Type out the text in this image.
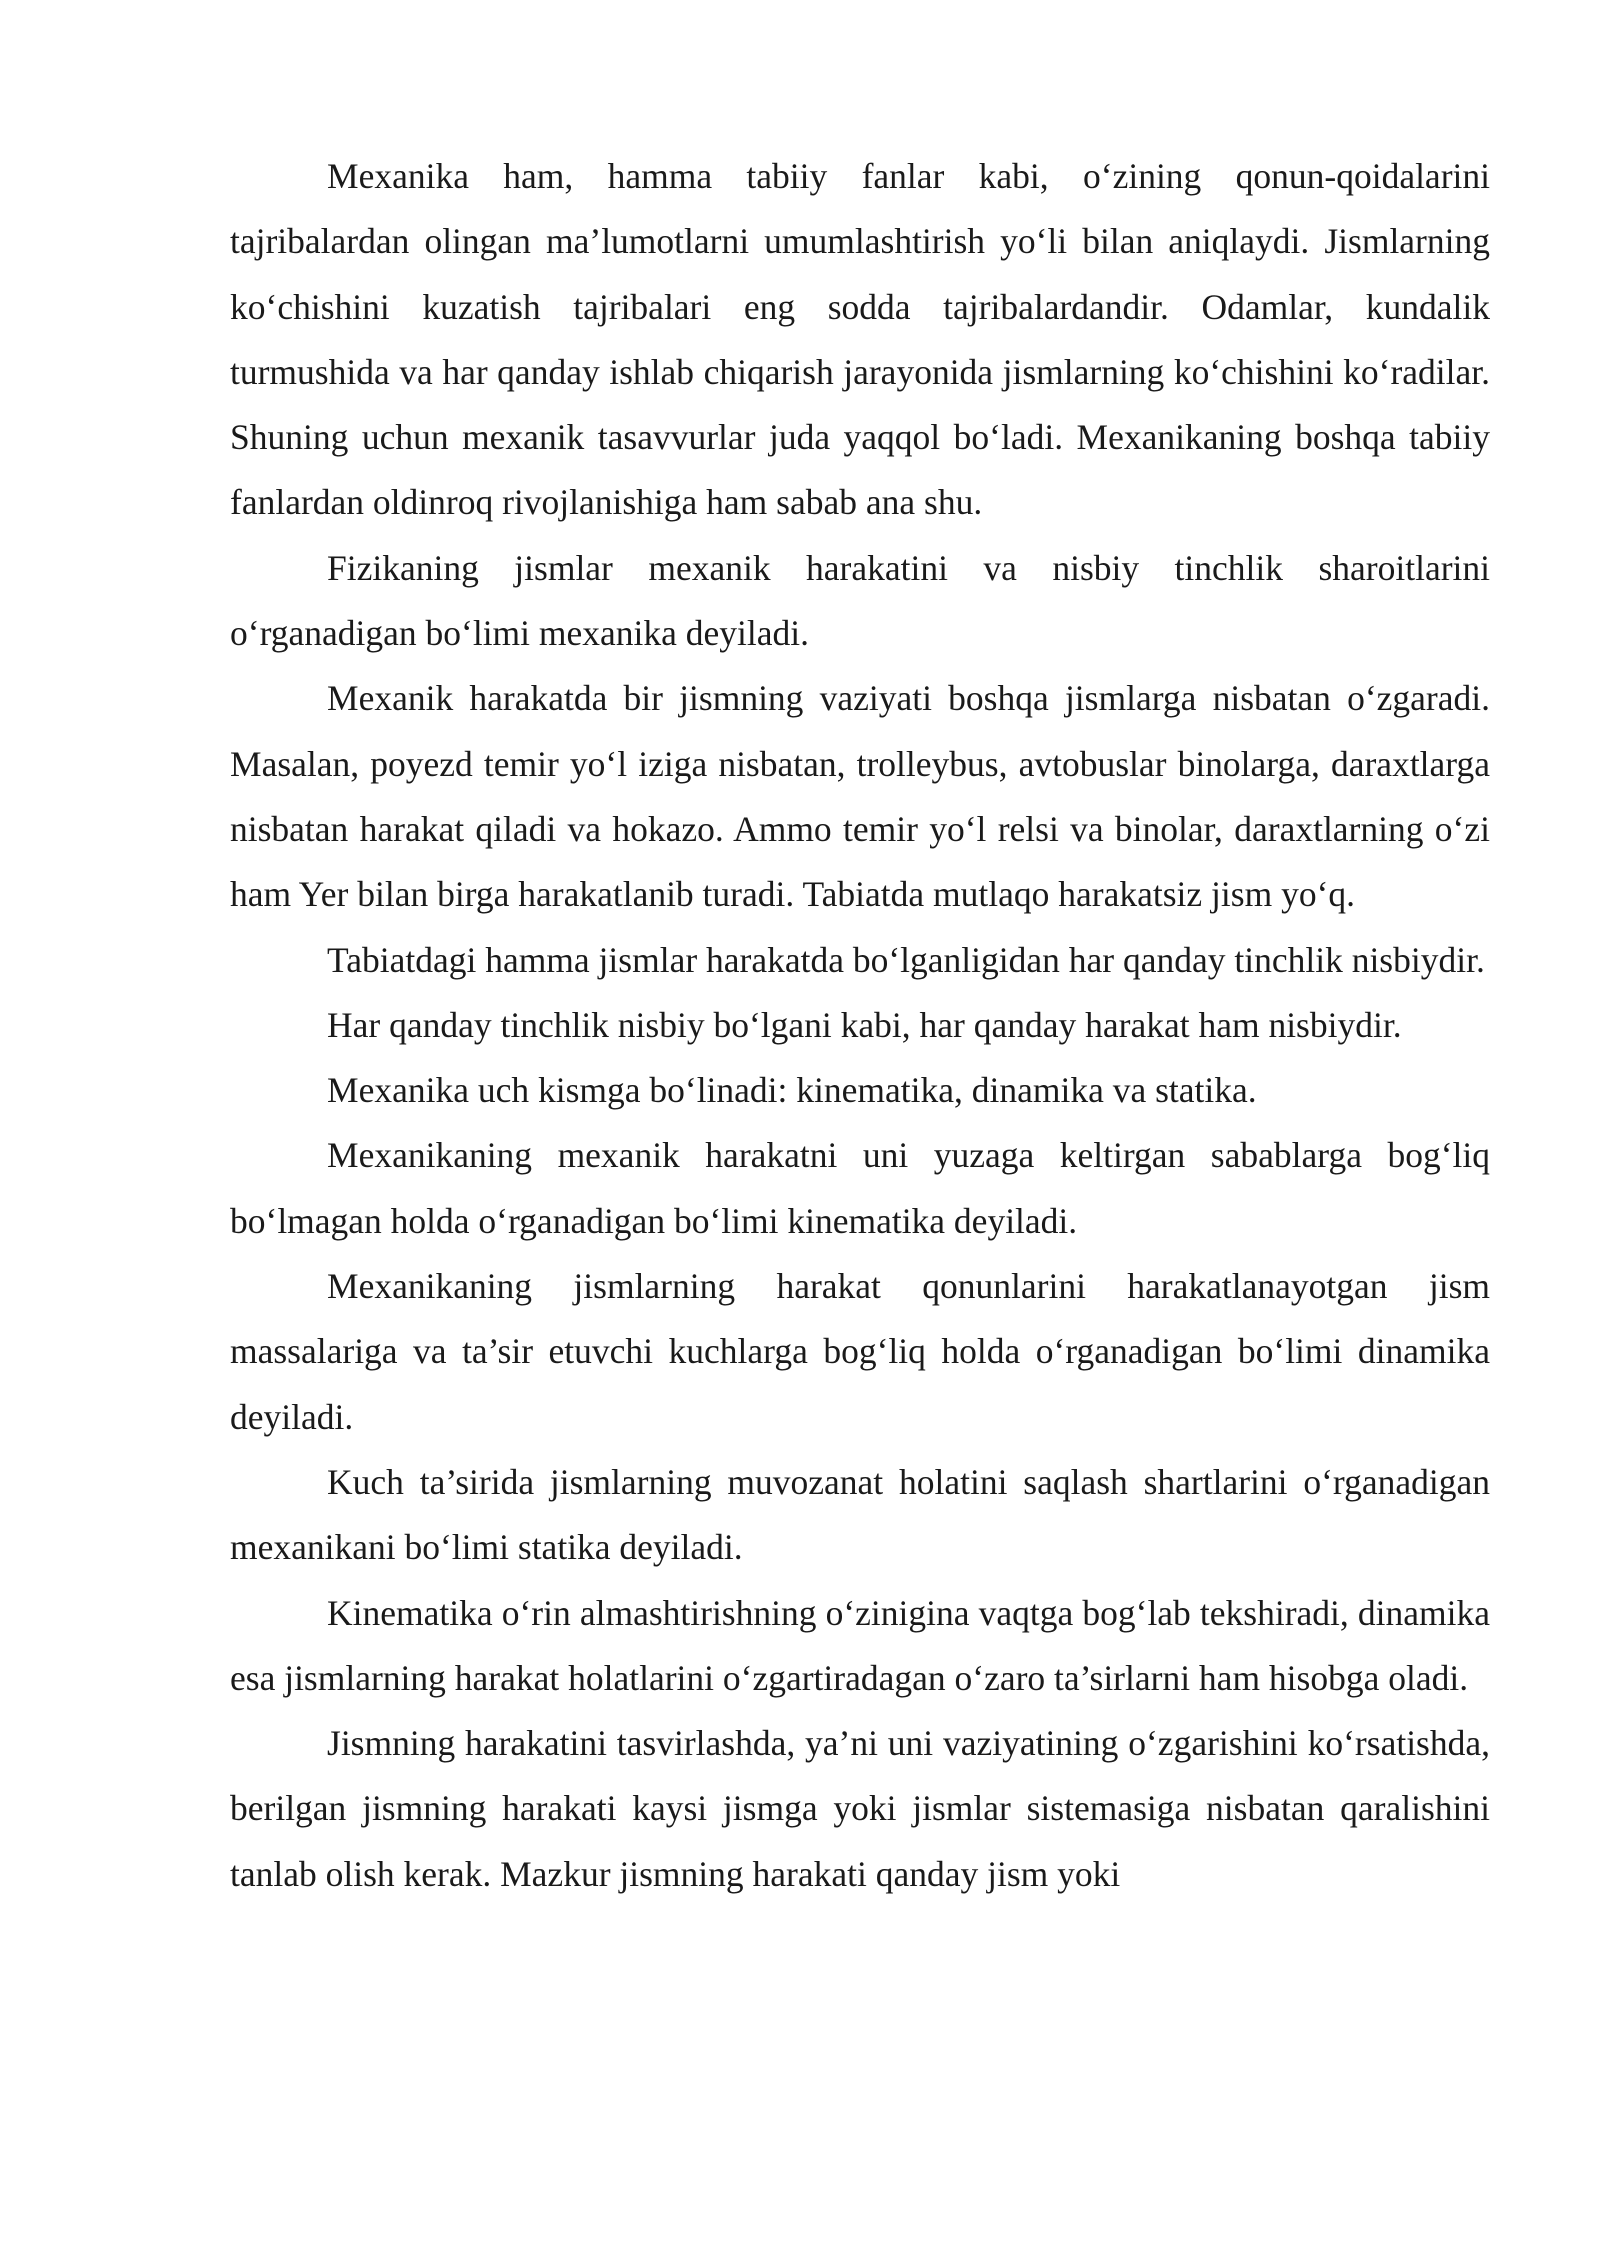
Mexanika ham, hamma tabiiy fanlar kabi, o‘zining qonun-qoidalarini tajribalardan olingan ma’lumotlarni umumlashtirish yo‘li bilan aniqlaydi. Jismlarning ko‘chishini kuzatish tajribalari eng sodda tajribalardandir. Odamlar, kundalik turmushida va har qanday ishlab chiqarish jarayonida jismlarning ko‘chishini ko‘radilar. Shuning uchun mexanik tasavvurlar juda yaqqol bo‘ladi. Mexanikaning boshqa tabiiy fanlardan oldinroq rivojlanishiga ham sabab ana shu.

Fizikaning jismlar mexanik harakatini va nisbiy tinchlik sharoitlarini o‘rganadigan bo‘limi mexanika deyiladi.

Mexanik harakatda bir jismning vaziyati boshqa jismlarga nisbatan o‘zgaradi. Masalan, poyezd temir yo‘l iziga nisbatan, trolleybus, avtobuslar binolarga, daraxtlarga nisbatan harakat qiladi va hokazo. Ammo temir yo‘l relsi va binolar, daraxtlarning o‘zi ham Yer bilan birga harakatlanib turadi. Tabiatda mutlaqo harakatsiz jism yo‘q.

Tabiatdagi hamma jismlar harakatda bo‘lganligidan har qanday tinchlik nisbiydir.

Har qanday tinchlik nisbiy bo‘lgani kabi, har qanday harakat ham nisbiydir.

Mexanika uch kismga bo‘linadi: kinematika, dinamika va statika.

Mexanikaning mexanik harakatni uni yuzaga keltirgan sabablarga bog‘liq bo‘lmagan holda o‘rganadigan bo‘limi kinematika deyiladi.

Mexanikaning jismlarning harakat qonunlarini harakatlanayotgan jism massalariga va ta’sir etuvchi kuchlarga bog‘liq holda o‘rganadigan bo‘limi dinamika deyiladi.

Kuch ta’sirida jismlarning muvozanat holatini saqlash shartlarini o‘rganadigan mexanikani bo‘limi statika deyiladi.

Kinematika o‘rin almashtirishning o‘zinigina vaqtga bog‘lab tekshiradi, dinamika esa jismlarning harakat holatlarini o‘zgartiradagan o‘zaro ta’sirlarni ham hisobga oladi.

Jismning harakatini tasvirlashda, ya’ni uni vaziyatining o‘zgarishini ko‘rsatishda, berilgan jismning harakati kaysi jismga yoki jismlar sistemasiga nisbatan qaralishini tanlab olish kerak. Mazkur jismning harakati qanday jism yoki
